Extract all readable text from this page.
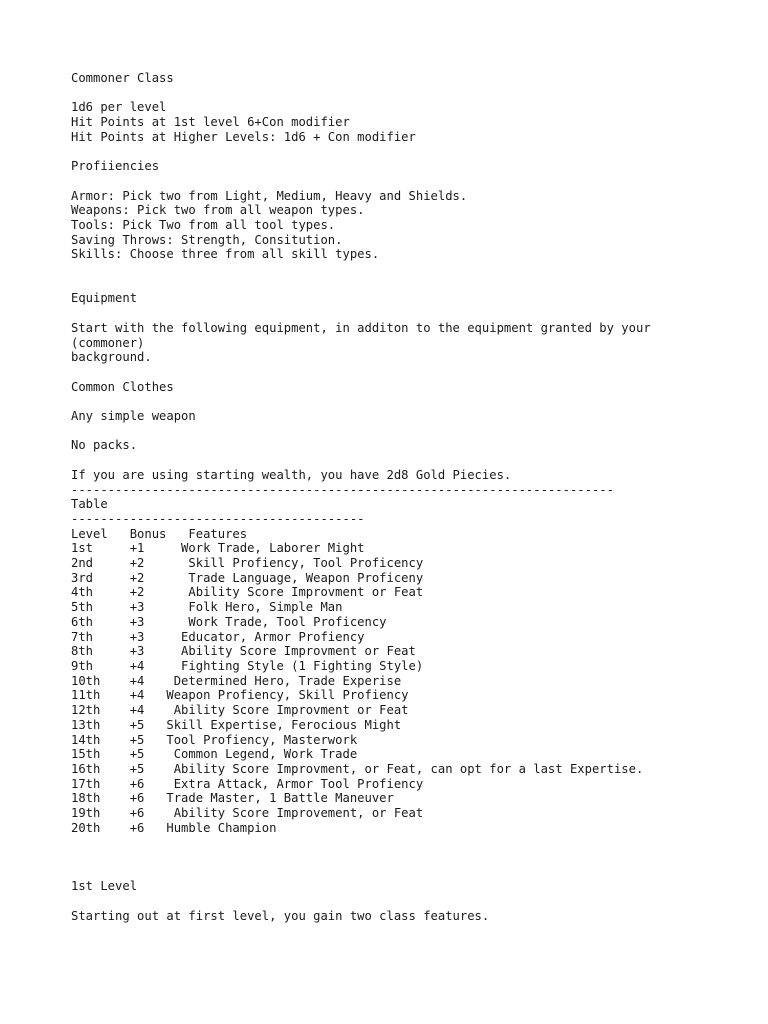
Commoner Class
1d6 per level
Hit Points at 1st level 6+Con modifier
Hit Points at Higher Levels: 1d6 + Con modifier
Profiiencies
Armor: Pick two from Light, Medium, Heavy and Shields.
Weapons: Pick two from all weapon types.
Tools: Pick Two from all tool types.
Saving Throws: Strength, Consitution.
Skills: Choose three from all skill types.
Equipment
Start with the following equipment, in additon to the equipment granted by your
(commoner)
background.
Common Clothes
Any simple weapon
No packs.
If you are using starting wealth, you have 2d8 Gold Piecies.
--------------------------------------------------------------------------
Table
----------------------------------------
Level   Bonus   Features
1st     +1     Work Trade, Laborer Might
2nd     +2      Skill Profiency, Tool Proficency
3rd     +2      Trade Language, Weapon Proficeny
4th     +2      Ability Score Improvment or Feat
5th     +3      Folk Hero, Simple Man
6th     +3      Work Trade, Tool Proficency
7th     +3     Educator, Armor Profiency
8th     +3     Ability Score Improvment or Feat
9th     +4     Fighting Style (1 Fighting Style)
10th    +4    Determined Hero, Trade Experise
11th    +4   Weapon Profiency, Skill Profiency
12th    +4    Ability Score Improvment or Feat
13th    +5   Skill Expertise, Ferocious Might
14th    +5   Tool Profiency, Masterwork
15th    +5    Common Legend, Work Trade
16th    +5    Ability Score Improvment, or Feat, can opt for a last Expertise.
17th    +6    Extra Attack, Armor Tool Profiency
18th    +6   Trade Master, 1 Battle Maneuver
19th    +6    Ability Score Improvement, or Feat
20th    +6   Humble Champion
1st Level
Starting out at first level, you gain two class features.
